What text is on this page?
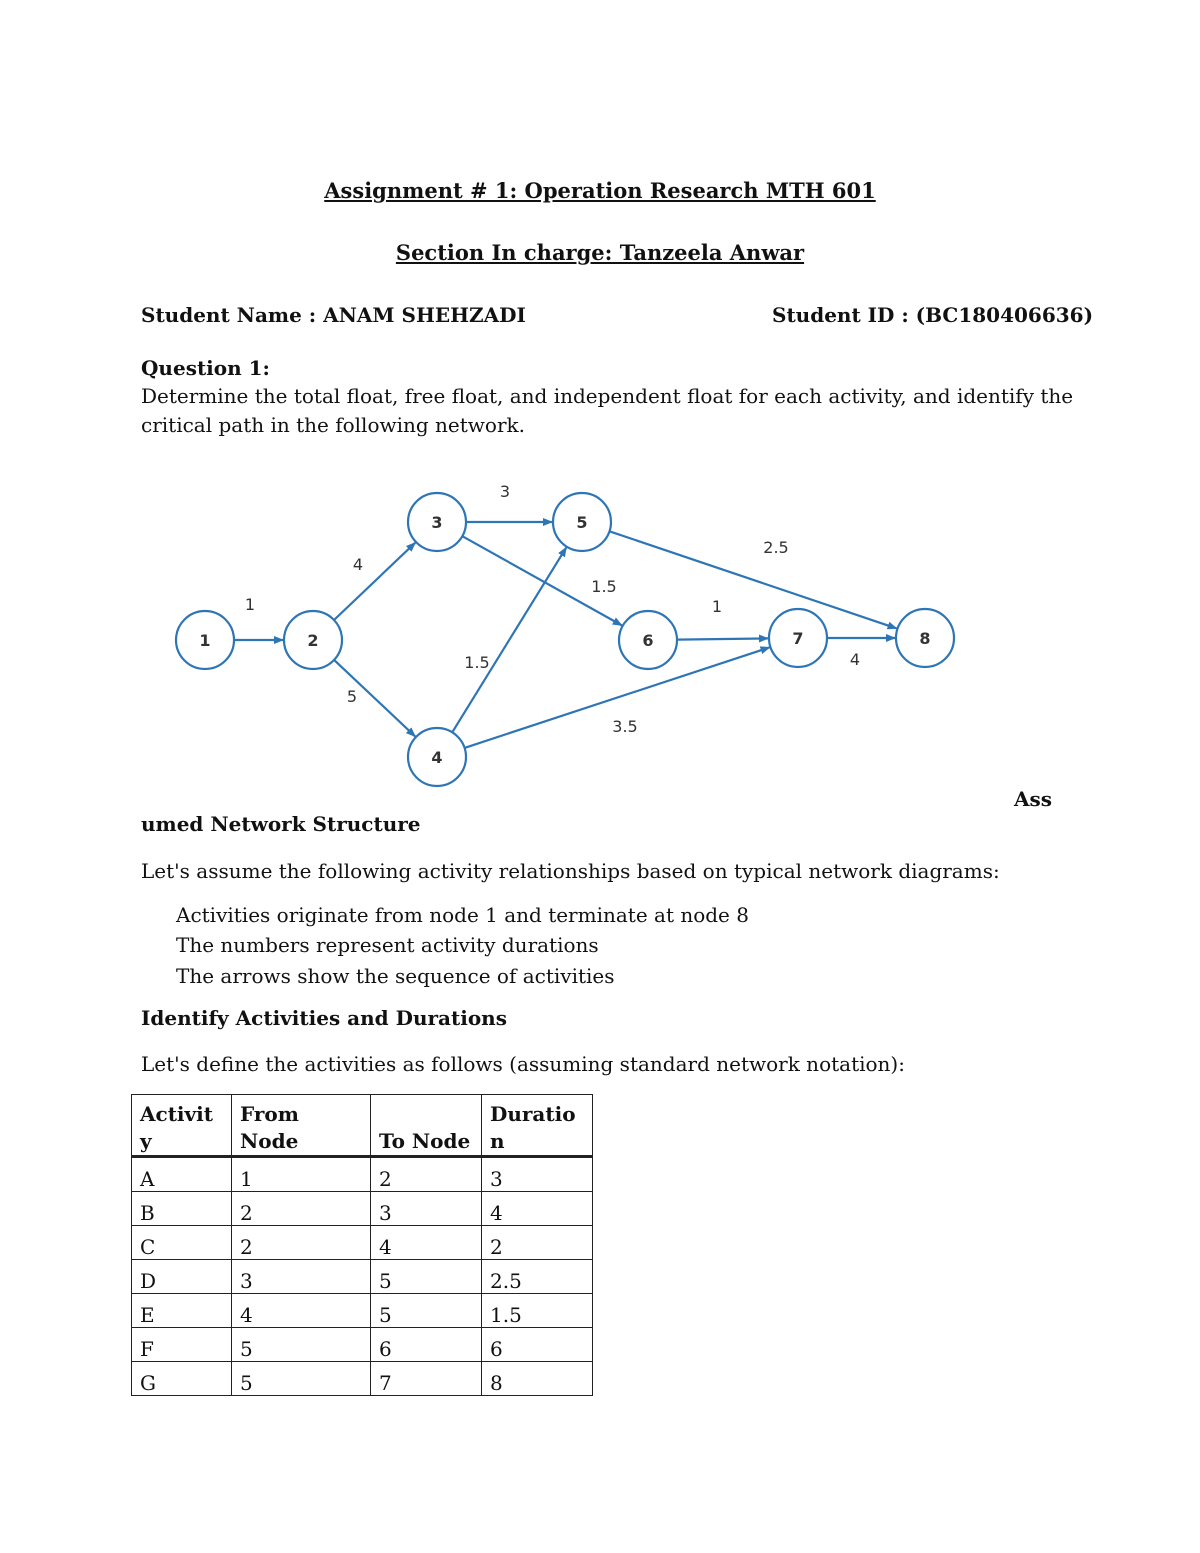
Assignment # 1: Operation Research MTH 601
Section In charge: Tanzeela Anwar
Student Name : ANAM SHEHZADI	Student ID : (BC180406636)
Question 1:
Determine the total float, free float, and independent float for each activity, and identify the
critical path in the following network.
1	2
3
4
5
6	7	8
1
4
5
3
1.5
1.5
2.5
1
3.5
4
Ass
umed Network Structure
Let's assume the following activity relationships based on typical network diagrams:
Activities originate from node 1 and terminate at node 8
The numbers represent activity durations
The arrows show the sequence of activities
Identify Activities and Durations
Let's define the activities as follows (assuming standard network notation):
Activit
y	From Node	To Node	Duratio
n
A	1	2	3
B	2	3	4
C	2	4	2
D	3	5	2.5
E	4	5	1.5
F	5	6	6
G	5	7	8
